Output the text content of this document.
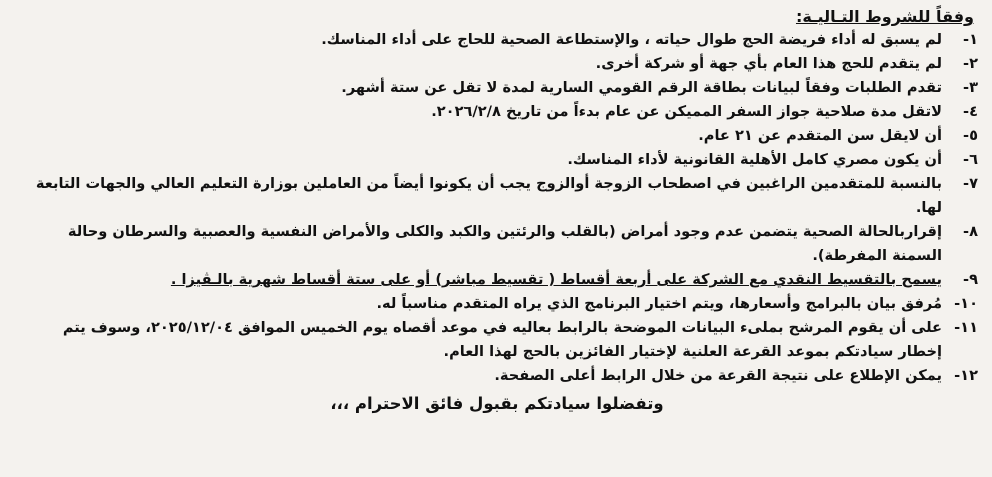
وفقاً للشروط التـاليـة:
١-
لم يسبق له أداء فريضة الحج طوال حياته ، والإستطاعة الصحية للحاج على أداء المناسك.
٢-
لم يتقدم للحج هذا العام بأي جهة أو شركة أخرى.
٣-
تقدم الطلبات وفقاً لبيانات بطاقة الرقم القومي السارية لمدة لا تقل عن ستة أشهر.
٤-
لاتقل مدة صلاحية جواز السفر المميكن عن عام بدءاً من تاريخ ٢٠٢٦/٢/٨.
٥-
أن لايقل سن المتقدم عن ٢١ عام.
٦-
أن يكون مصري كامل الأهلية القانونية لأداء المناسك.
٧-
بالنسبة للمتقدمين الراغبين في اصطحاب الزوجة أوالزوج يجب أن يكونوا أيضاً من العاملين بوزارة التعليم العالي والجهات التابعة لها.
٨-
إقراربالحالة الصحية يتضمن عدم وجود أمراض (بالقلب والرئتين والكبد والكلى والأمراض النفسية والعصبية والسرطان وحالة السمنة المفرطة).
٩-
يسمح بالتقسيط النقدي مع الشركة على أربعة أقساط ( تقسيط مباشر) أو على ستة أقساط شهرية بالـڤيزا .
١٠-
مُرفق بيان بالبرامج وأسعارها، ويتم اختيار البرنامج الذي يراه المتقدم مناسباً له.
١١-
على أن يقوم المرشح بملىء البيانات الموضحة بالرابط بعاليه في موعد أقصاه يوم الخميس الموافق ٢٠٢٥/١٢/٠٤، وسوف يتم إخطار سيادتكم بموعد القرعة العلنية لإختيار الفائزين بالحج لهذا العام.
١٢-
يمكن الإطلاع على نتيجة القرعة من خلال الرابط أعلى الصفحة.
وتفضلوا سيادتكم بقبول فائق الاحترام ،،،
